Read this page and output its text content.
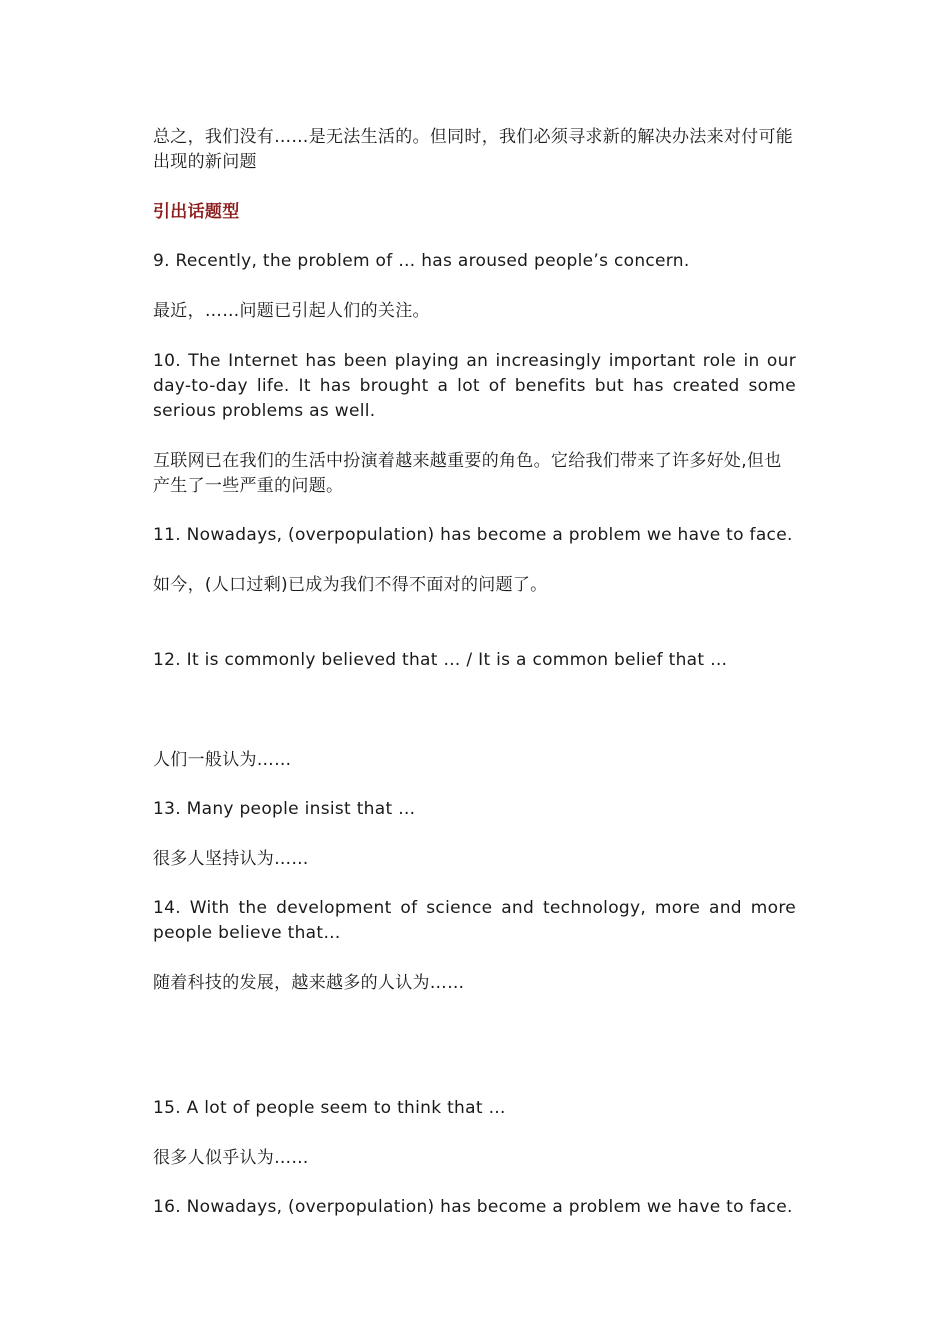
总之，我们没有……是无法生活的。但同时，我们必须寻求新的解决办法来对付可能出现的新问题

引出话题型

9. Recently, the problem of … has aroused people’s concern.

最近，……问题已引起人们的关注。

10. The Internet has been playing an increasingly important role in our day-to-day life. It has brought a lot of benefits but has created some serious problems as well.

互联网已在我们的生活中扮演着越来越重要的角色。它给我们带来了许多好处,但也产生了一些严重的问题。

11. Nowadays, (overpopulation) has become a problem we have to face.

如今，(人口过剩)已成为我们不得不面对的问题了。

12. It is commonly believed that … / It is a common belief that …

人们一般认为……

13. Many people insist that …

很多人坚持认为……

14. With the development of science and technology, more and more people believe that…

随着科技的发展，越来越多的人认为……

15. A lot of people seem to think that …

很多人似乎认为……

16. Nowadays, (overpopulation) has become a problem we have to face.
